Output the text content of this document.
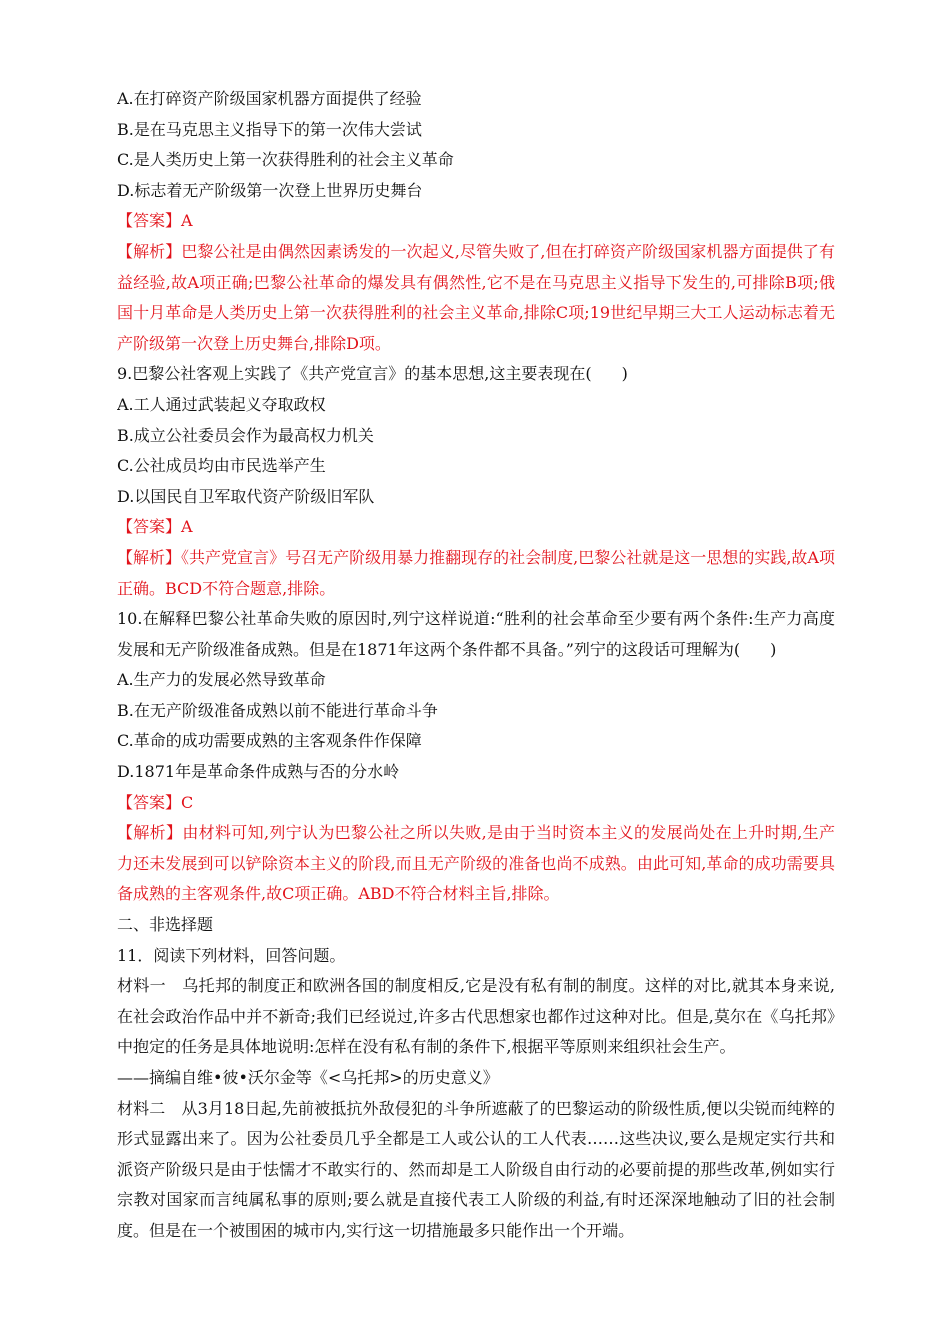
A.在打碎资产阶级国家机器方面提供了经验
B.是在马克思主义指导下的第一次伟大尝试
C.是人类历史上第一次获得胜利的社会主义革命
D.标志着无产阶级第一次登上世界历史舞台
【答案】A
【解析】巴黎公社是由偶然因素诱发的一次起义,尽管失败了,但在打碎资产阶级国家机器方面提供了有益经验,故A项正确;巴黎公社革命的爆发具有偶然性,它不是在马克思主义指导下发生的,可排除B项;俄国十月革命是人类历史上第一次获得胜利的社会主义革命,排除C项;19世纪早期三大工人运动标志着无产阶级第一次登上历史舞台,排除D项。
9.巴黎公社客观上实践了《共产党宣言》的基本思想,这主要表现在( )
A.工人通过武装起义夺取政权
B.成立公社委员会作为最高权力机关
C.公社成员均由市民选举产生
D.以国民自卫军取代资产阶级旧军队
【答案】A
【解析】《共产党宣言》号召无产阶级用暴力推翻现存的社会制度,巴黎公社就是这一思想的实践,故A项正确。BCD不符合题意,排除。
10.在解释巴黎公社革命失败的原因时,列宁这样说道:“胜利的社会革命至少要有两个条件:生产力高度发展和无产阶级准备成熟。但是在1871年这两个条件都不具备。”列宁的这段话可理解为( )
A.生产力的发展必然导致革命
B.在无产阶级准备成熟以前不能进行革命斗争
C.革命的成功需要成熟的主客观条件作保障
D.1871年是革命条件成熟与否的分水岭
【答案】C
【解析】由材料可知,列宁认为巴黎公社之所以失败,是由于当时资本主义的发展尚处在上升时期,生产力还未发展到可以铲除资本主义的阶段,而且无产阶级的准备也尚不成熟。由此可知,革命的成功需要具备成熟的主客观条件,故C项正确。ABD不符合材料主旨,排除。
二、非选择题
11．阅读下列材料，回答问题。
材料一　乌托邦的制度正和欧洲各国的制度相反,它是没有私有制的制度。这样的对比,就其本身来说,在社会政治作品中并不新奇;我们已经说过,许多古代思想家也都作过这种对比。但是,莫尔在《乌托邦》中抱定的任务是具体地说明:怎样在没有私有制的条件下,根据平等原则来组织社会生产。
——摘编自维•彼•沃尔金等《<乌托邦>的历史意义》
材料二　从3月18日起,先前被抵抗外敌侵犯的斗争所遮蔽了的巴黎运动的阶级性质,便以尖锐而纯粹的形式显露出来了。因为公社委员几乎全都是工人或公认的工人代表……这些决议,要么是规定实行共和派资产阶级只是由于怯懦才不敢实行的、然而却是工人阶级自由行动的必要前提的那些改革,例如实行宗教对国家而言纯属私事的原则;要么就是直接代表工人阶级的利益,有时还深深地触动了旧的社会制度。但是在一个被围困的城市内,实行这一切措施最多只能作出一个开端。
